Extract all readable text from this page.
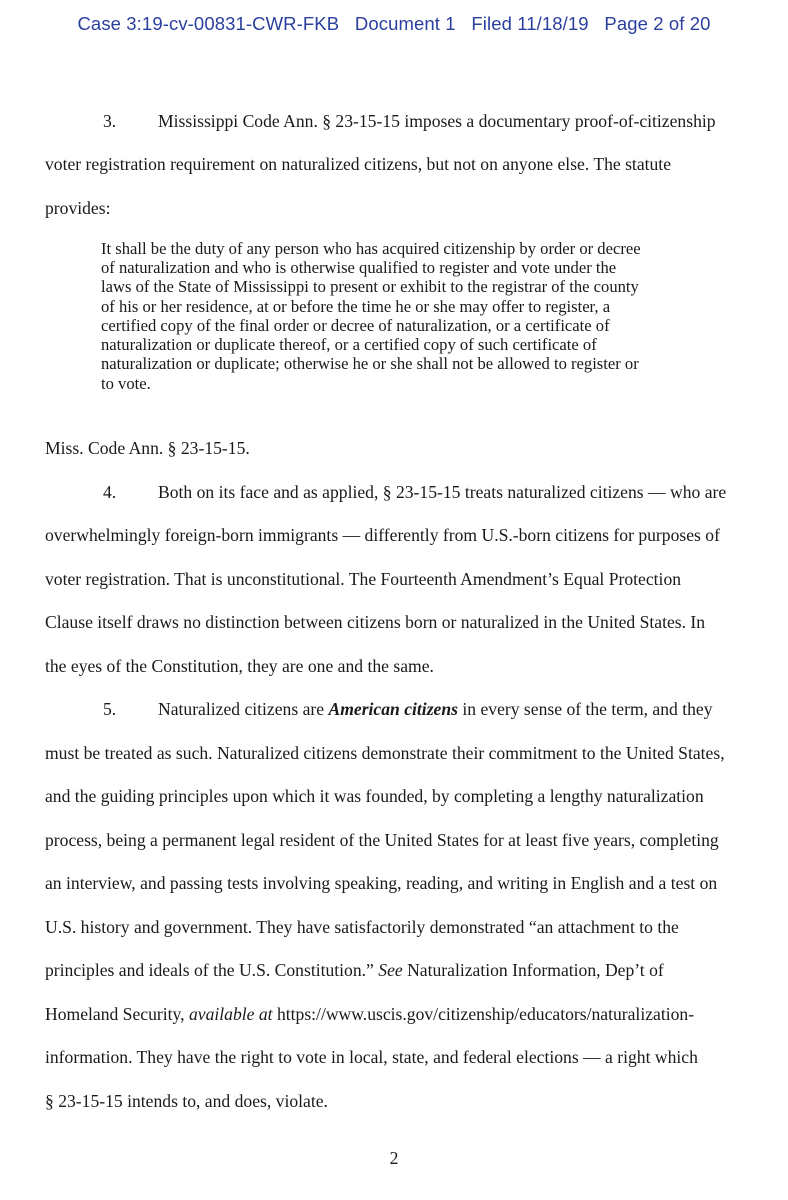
Case 3:19-cv-00831-CWR-FKB Document 1 Filed 11/18/19 Page 2 of 20
3. Mississippi Code Ann. § 23-15-15 imposes a documentary proof-of-citizenship
voter registration requirement on naturalized citizens, but not on anyone else. The statute
provides:
It shall be the duty of any person who has acquired citizenship by order or decree
of naturalization and who is otherwise qualified to register and vote under the
laws of the State of Mississippi to present or exhibit to the registrar of the county
of his or her residence, at or before the time he or she may offer to register, a
certified copy of the final order or decree of naturalization, or a certificate of
naturalization or duplicate thereof, or a certified copy of such certificate of
naturalization or duplicate; otherwise he or she shall not be allowed to register or
to vote.
Miss. Code Ann. § 23-15-15.
4. Both on its face and as applied, § 23-15-15 treats naturalized citizens — who are
overwhelmingly foreign-born immigrants — differently from U.S.-born citizens for purposes of
voter registration. That is unconstitutional. The Fourteenth Amendment’s Equal Protection
Clause itself draws no distinction between citizens born or naturalized in the United States. In
the eyes of the Constitution, they are one and the same.
5. Naturalized citizens are American citizens in every sense of the term, and they
must be treated as such. Naturalized citizens demonstrate their commitment to the United States,
and the guiding principles upon which it was founded, by completing a lengthy naturalization
process, being a permanent legal resident of the United States for at least five years, completing
an interview, and passing tests involving speaking, reading, and writing in English and a test on
U.S. history and government. They have satisfactorily demonstrated “an attachment to the
principles and ideals of the U.S. Constitution.” See Naturalization Information, Dep’t of
Homeland Security, available at https://www.uscis.gov/citizenship/educators/naturalization-
information. They have the right to vote in local, state, and federal elections — a right which
§ 23-15-15 intends to, and does, violate.
2
